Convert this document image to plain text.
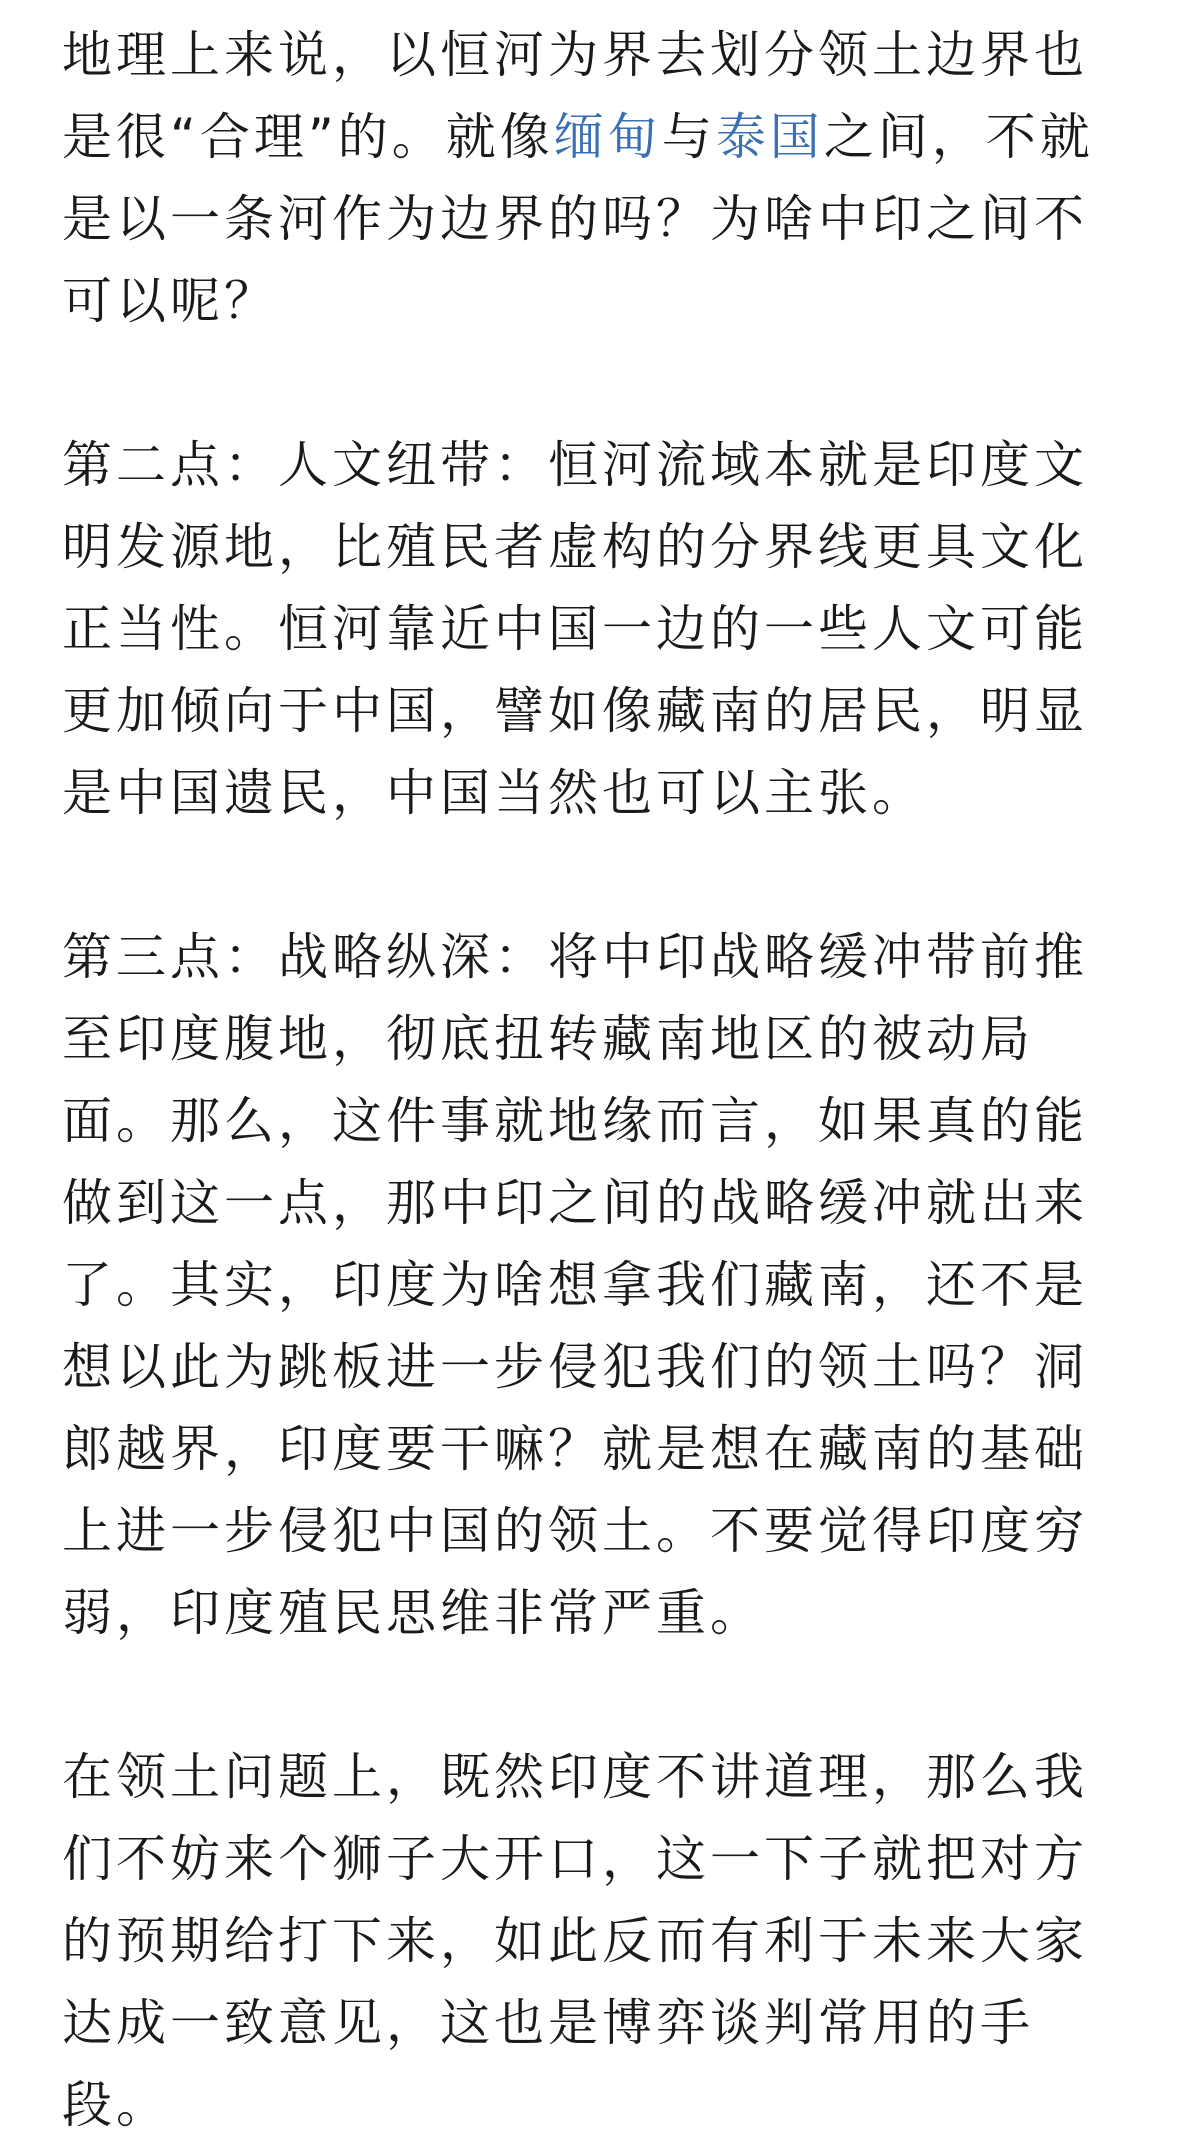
地理上来说，以恒河为界去划分领土边界也是很“合理”的。就像缅甸与泰国之间，不就是以一条河作为边界的吗？为啥中印之间不可以呢？

第二点：人文纽带：恒河流域本就是印度文明发源地，比殖民者虚构的分界线更具文化正当性。恒河靠近中国一边的一些人文可能更加倾向于中国，譬如像藏南的居民，明显是中国遗民，中国当然也可以主张。

第三点：战略纵深：将中印战略缓冲带前推至印度腹地，彻底扭转藏南地区的被动局面。那么，这件事就地缘而言，如果真的能做到这一点，那中印之间的战略缓冲就出来了。其实，印度为啥想拿我们藏南，还不是想以此为跳板进一步侵犯我们的领土吗？洞郎越界，印度要干嘛？就是想在藏南的基础上进一步侵犯中国的领土。不要觉得印度穷弱，印度殖民思维非常严重。

在领土问题上，既然印度不讲道理，那么我们不妨来个狮子大开口，这一下子就把对方的预期给打下来，如此反而有利于未来大家达成一致意见，这也是博弈谈判常用的手段。
